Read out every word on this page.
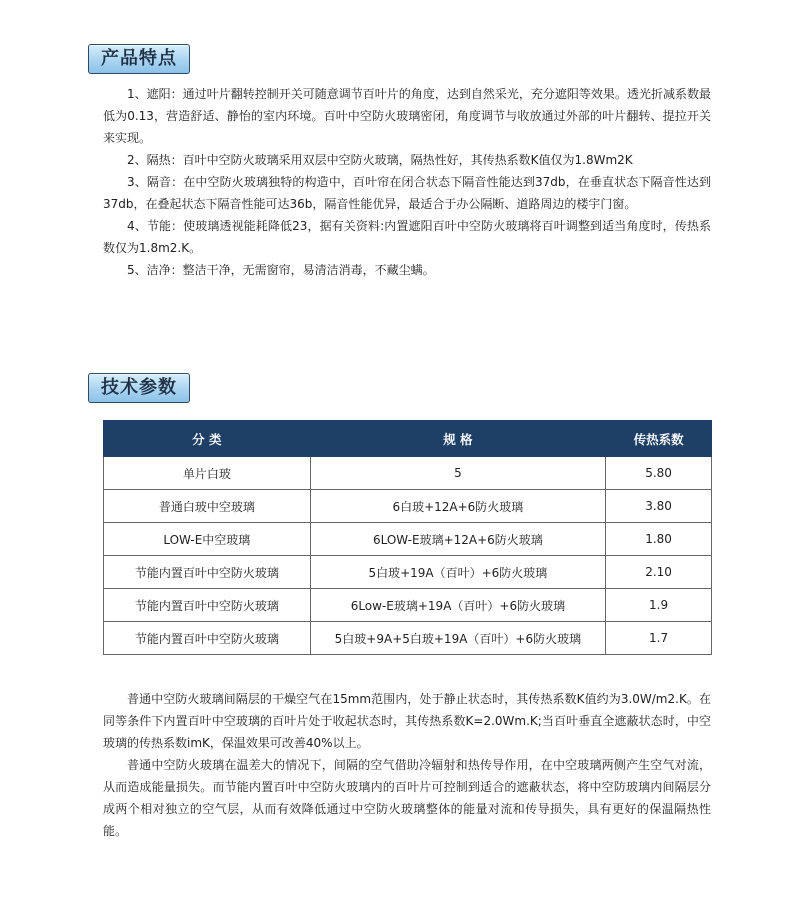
产品特点

1、遮阳：通过叶片翻转控制开关可随意调节百叶片的角度，达到自然采光，充分遮阳等效果。透光折减系数最低为0.13，营造舒适、静怡的室内环境。百叶中空防火玻璃密闭，角度调节与收放通过外部的叶片翻转、提拉开关来实现。

2、隔热：百叶中空防火玻璃采用双层中空防火玻璃，隔热性好，其传热系数K值仅为1.8Wm2K

3、隔音：在中空防火玻璃独特的构造中，百叶帘在闭合状态下隔音性能达到37db，在垂直状态下隔音性达到37db，在叠起状态下隔音性能可达36b，隔音性能优异，最适合于办公隔断、道路周边的楼宇门窗。

4、节能：使玻璃透视能耗降低23，据有关资料:内置遮阳百叶中空防火玻璃将百叶调整到适当角度时，传热系数仅为1.8m2.K。

5、洁净：整洁干净，无需窗帘，易清洁消毒，不藏尘螨。

技术参数
分 类	规 格	传热系数
单片白玻	5	5.80
普通白玻中空玻璃	6白玻+12A+6防火玻璃	3.80
LOW-E中空玻璃	6LOW-E玻璃+12A+6防火玻璃	1.80
节能内置百叶中空防火玻璃	5白玻+19A（百叶）+6防火玻璃	2.10
节能内置百叶中空防火玻璃	6Low-E玻璃+19A（百叶）+6防火玻璃	1.9
节能内置百叶中空防火玻璃	5白玻+9A+5白玻+19A（百叶）+6防火玻璃	1.7

普通中空防火玻璃间隔层的干燥空气在15mm范围内，处于静止状态时，其传热系数K值约为3.0W/m2.K。在同等条件下内置百叶中空玻璃的百叶片处于收起状态时，其传热系数K=2.0Wm.K;当百叶垂直全遮蔽状态时，中空玻璃的传热系数imK，保温效果可改善40%以上。

普通中空防火玻璃在温差大的情况下，间隔的空气借助冷辐射和热传导作用，在中空玻璃两侧产生空气对流，从而造成能量损失。而节能内置百叶中空防火玻璃内的百叶片可控制到适合的遮蔽状态，将中空防玻璃内间隔层分成两个相对独立的空气层，从而有效降低通过中空防火玻璃整体的能量对流和传导损失，具有更好的保温隔热性能。
